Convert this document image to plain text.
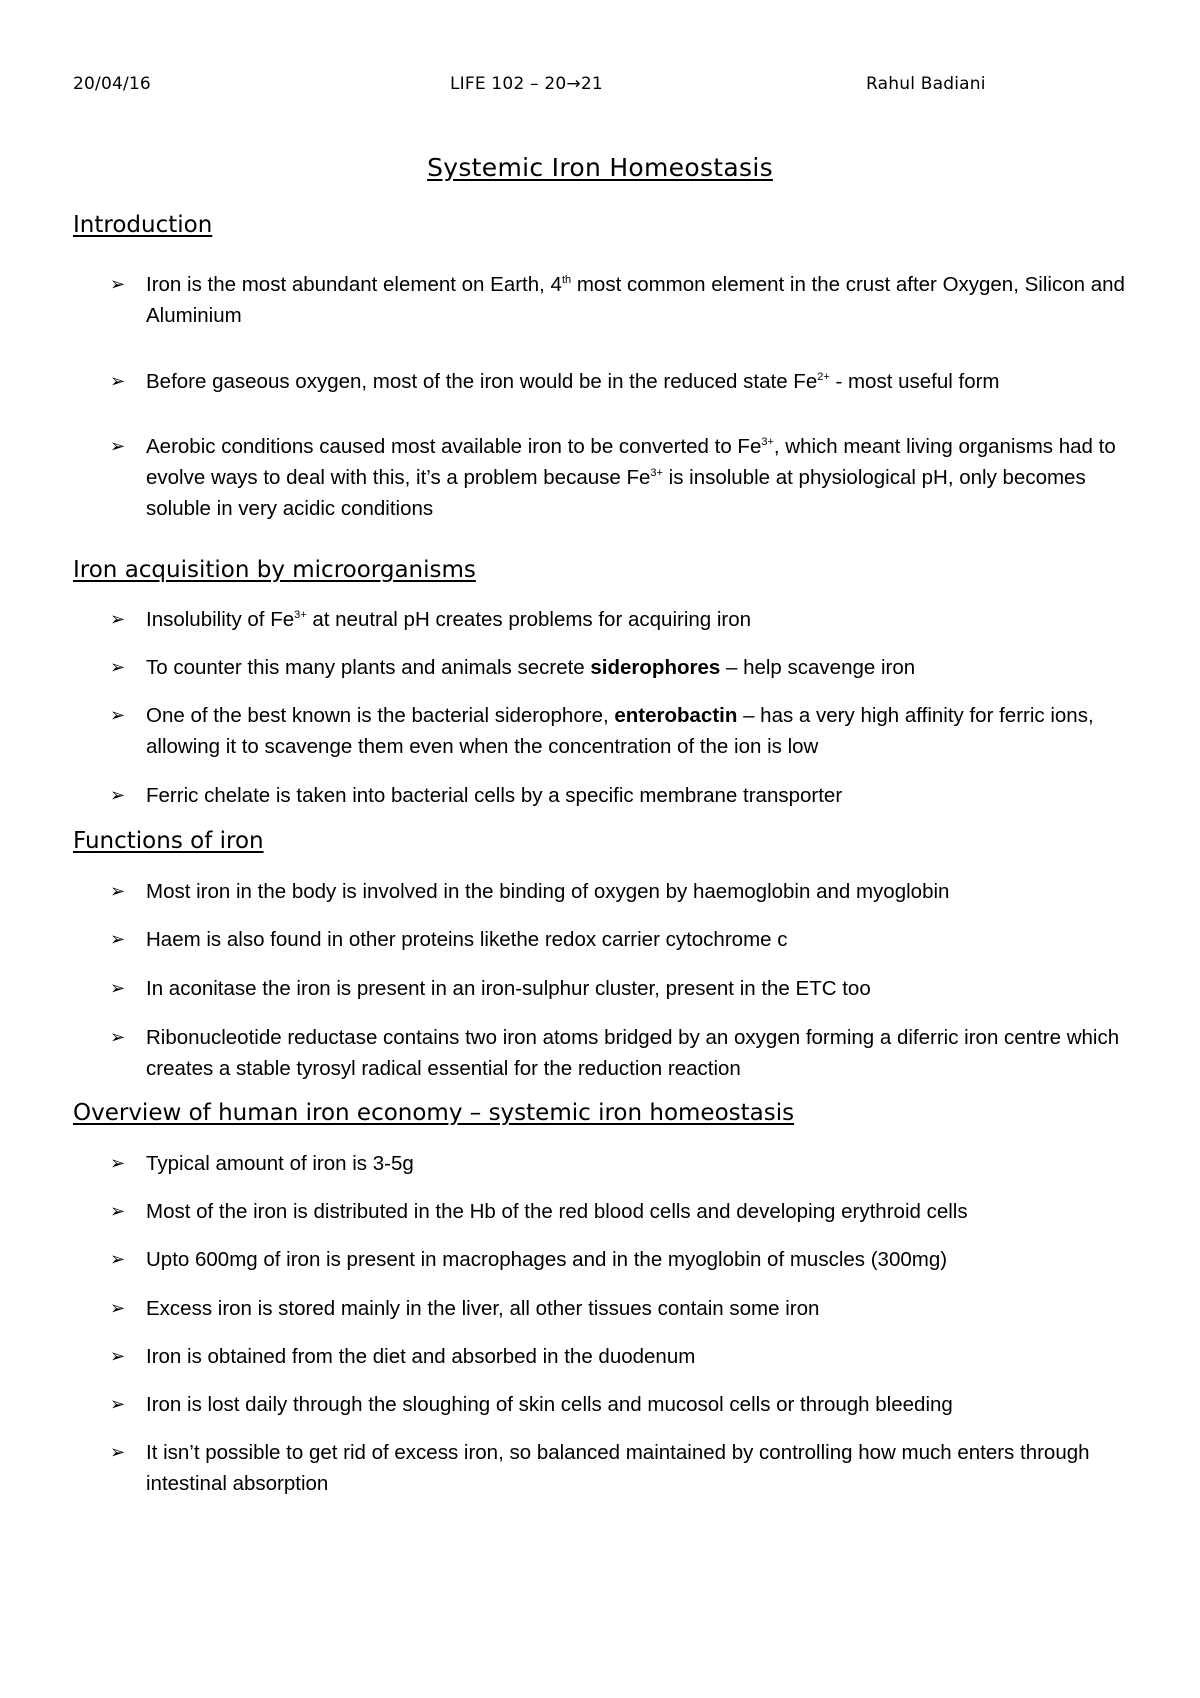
20/04/16	LIFE 102 – 20→21	Rahul Badiani
Systemic Iron Homeostasis
Introduction
➢ Iron is the most abundant element on Earth, 4th most common element in the crust after Oxygen, Silicon and Aluminium
➢ Before gaseous oxygen, most of the iron would be in the reduced state $Fe^{2+}$ - most useful form
➢ Aerobic conditions caused most available iron to be converted to $Fe^{3+}$, which meant living organisms had to evolve ways to deal with this, it’s a problem because $Fe^{3+}$ is insoluble at physiological pH, only becomes soluble in very acidic conditions
Iron acquisition by microorganisms
➢ Insolubility of $Fe^{3+}$ at neutral pH creates problems for acquiring iron
➢ To counter this many plants and animals secrete siderophores – help scavenge iron
➢ One of the best known is the bacterial siderophore, enterobactin – has a very high affinity for ferric ions, allowing it to scavenge them even when the concentration of the ion is low
➢ Ferric chelate is taken into bacterial cells by a specific membrane transporter
Functions of iron
➢ Most iron in the body is involved in the binding of oxygen by haemoglobin and myoglobin
➢ Haem is also found in other proteins likethe redox carrier cytochrome c
➢ In aconitase the iron is present in an iron-sulphur cluster, present in the ETC too
➢ Ribonucleotide reductase contains two iron atoms bridged by an oxygen forming a diferric iron centre which creates a stable tyrosyl radical essential for the reduction reaction
Overview of human iron economy – systemic iron homeostasis
➢ Typical amount of iron is 3-5g
➢ Most of the iron is distributed in the Hb of the red blood cells and developing erythroid cells
➢ Upto 600mg of iron is present in macrophages and in the myoglobin of muscles (300mg)
➢ Excess iron is stored mainly in the liver, all other tissues contain some iron
➢ Iron is obtained from the diet and absorbed in the duodenum
➢ Iron is lost daily through the sloughing of skin cells and mucosol cells or through bleeding
➢ It isn’t possible to get rid of excess iron, so balanced maintained by controlling how much enters through intestinal absorption
